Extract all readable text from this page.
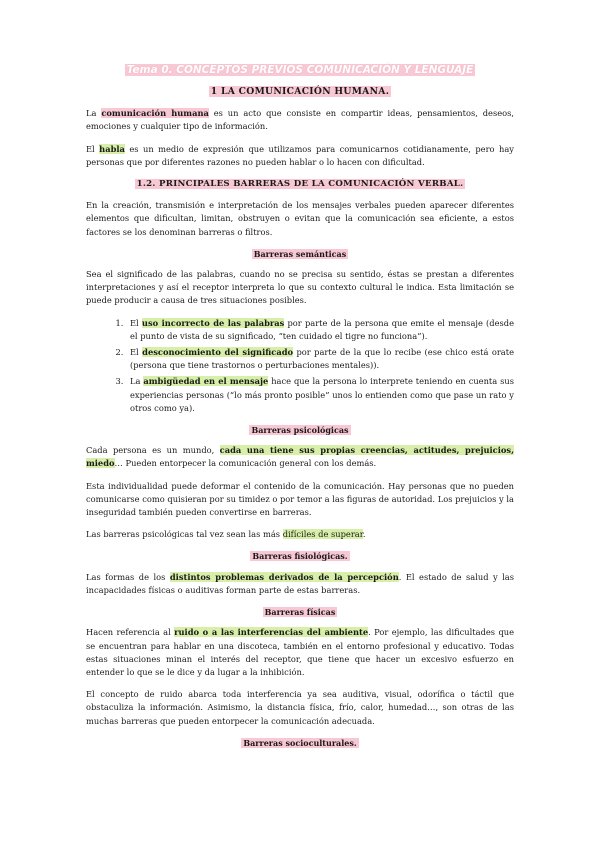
Tema 0. CONCEPTOS PREVIOS COMUNICACIÓN Y LENGUAJE
1 LA COMUNICACIÓN HUMANA.

La comunicación humana es un acto que consiste en compartir ideas, pensamientos, deseos, emociones y cualquier tipo de información.

El habla es un medio de expresión que utilizamos para comunicarnos cotidianamente, pero hay personas que por diferentes razones no pueden hablar o lo hacen con dificultad.

1.2. PRINCIPALES BARRERAS DE LA COMUNICACIÓN VERBAL.

En la creación, transmisión e interpretación de los mensajes verbales pueden aparecer diferentes elementos que dificultan, limitan, obstruyen o evitan que la comunicación sea eficiente, a estos factores se los denominan barreras o filtros.

Barreras semánticas

Sea el significado de las palabras, cuando no se precisa su sentido, éstas se prestan a diferentes interpretaciones y así el receptor interpreta lo que su contexto cultural le indica. Esta limitación se puede producir a causa de tres situaciones posibles.

1. El uso incorrecto de las palabras por parte de la persona que emite el mensaje (desde el punto de vista de su significado, “ten cuidado el tigre no funciona”).
2. El desconocimiento del significado por parte de la que lo recibe (ese chico está orate (persona que tiene trastornos o perturbaciones mentales)).
3. La ambigüedad en el mensaje hace que la persona lo interprete teniendo en cuenta sus experiencias personas (“lo más pronto posible” unos lo entienden como que pase un rato y otros como ya).
Barreras psicológicas

Cada persona es un mundo, cada una tiene sus propias creencias, actitudes, prejuicios, miedo… Pueden entorpecer la comunicación general con los demás.

Esta individualidad puede deformar el contenido de la comunicación. Hay personas que no pueden comunicarse como quisieran por su timidez o por temor a las figuras de autoridad. Los prejuicios y la inseguridad también pueden convertirse en barreras.

Las barreras psicológicas tal vez sean las más difíciles de superar.

Barreras fisiológicas.

Las formas de los distintos problemas derivados de la percepción. El estado de salud y las incapacidades físicas o auditivas forman parte de estas barreras.

Barreras físicas

Hacen referencia al ruido o a las interferencias del ambiente. Por ejemplo, las dificultades que se encuentran para hablar en una discoteca, también en el entorno profesional y educativo. Todas estas situaciones minan el interés del receptor, que tiene que hacer un excesivo esfuerzo en entender lo que se le dice y da lugar a la inhibición.

El concepto de ruido abarca toda interferencia ya sea auditiva, visual, odorífica o táctil que obstaculiza la información. Asimismo, la distancia física, frío, calor, humedad…, son otras de las muchas barreras que pueden entorpecer la comunicación adecuada.

Barreras socioculturales.
